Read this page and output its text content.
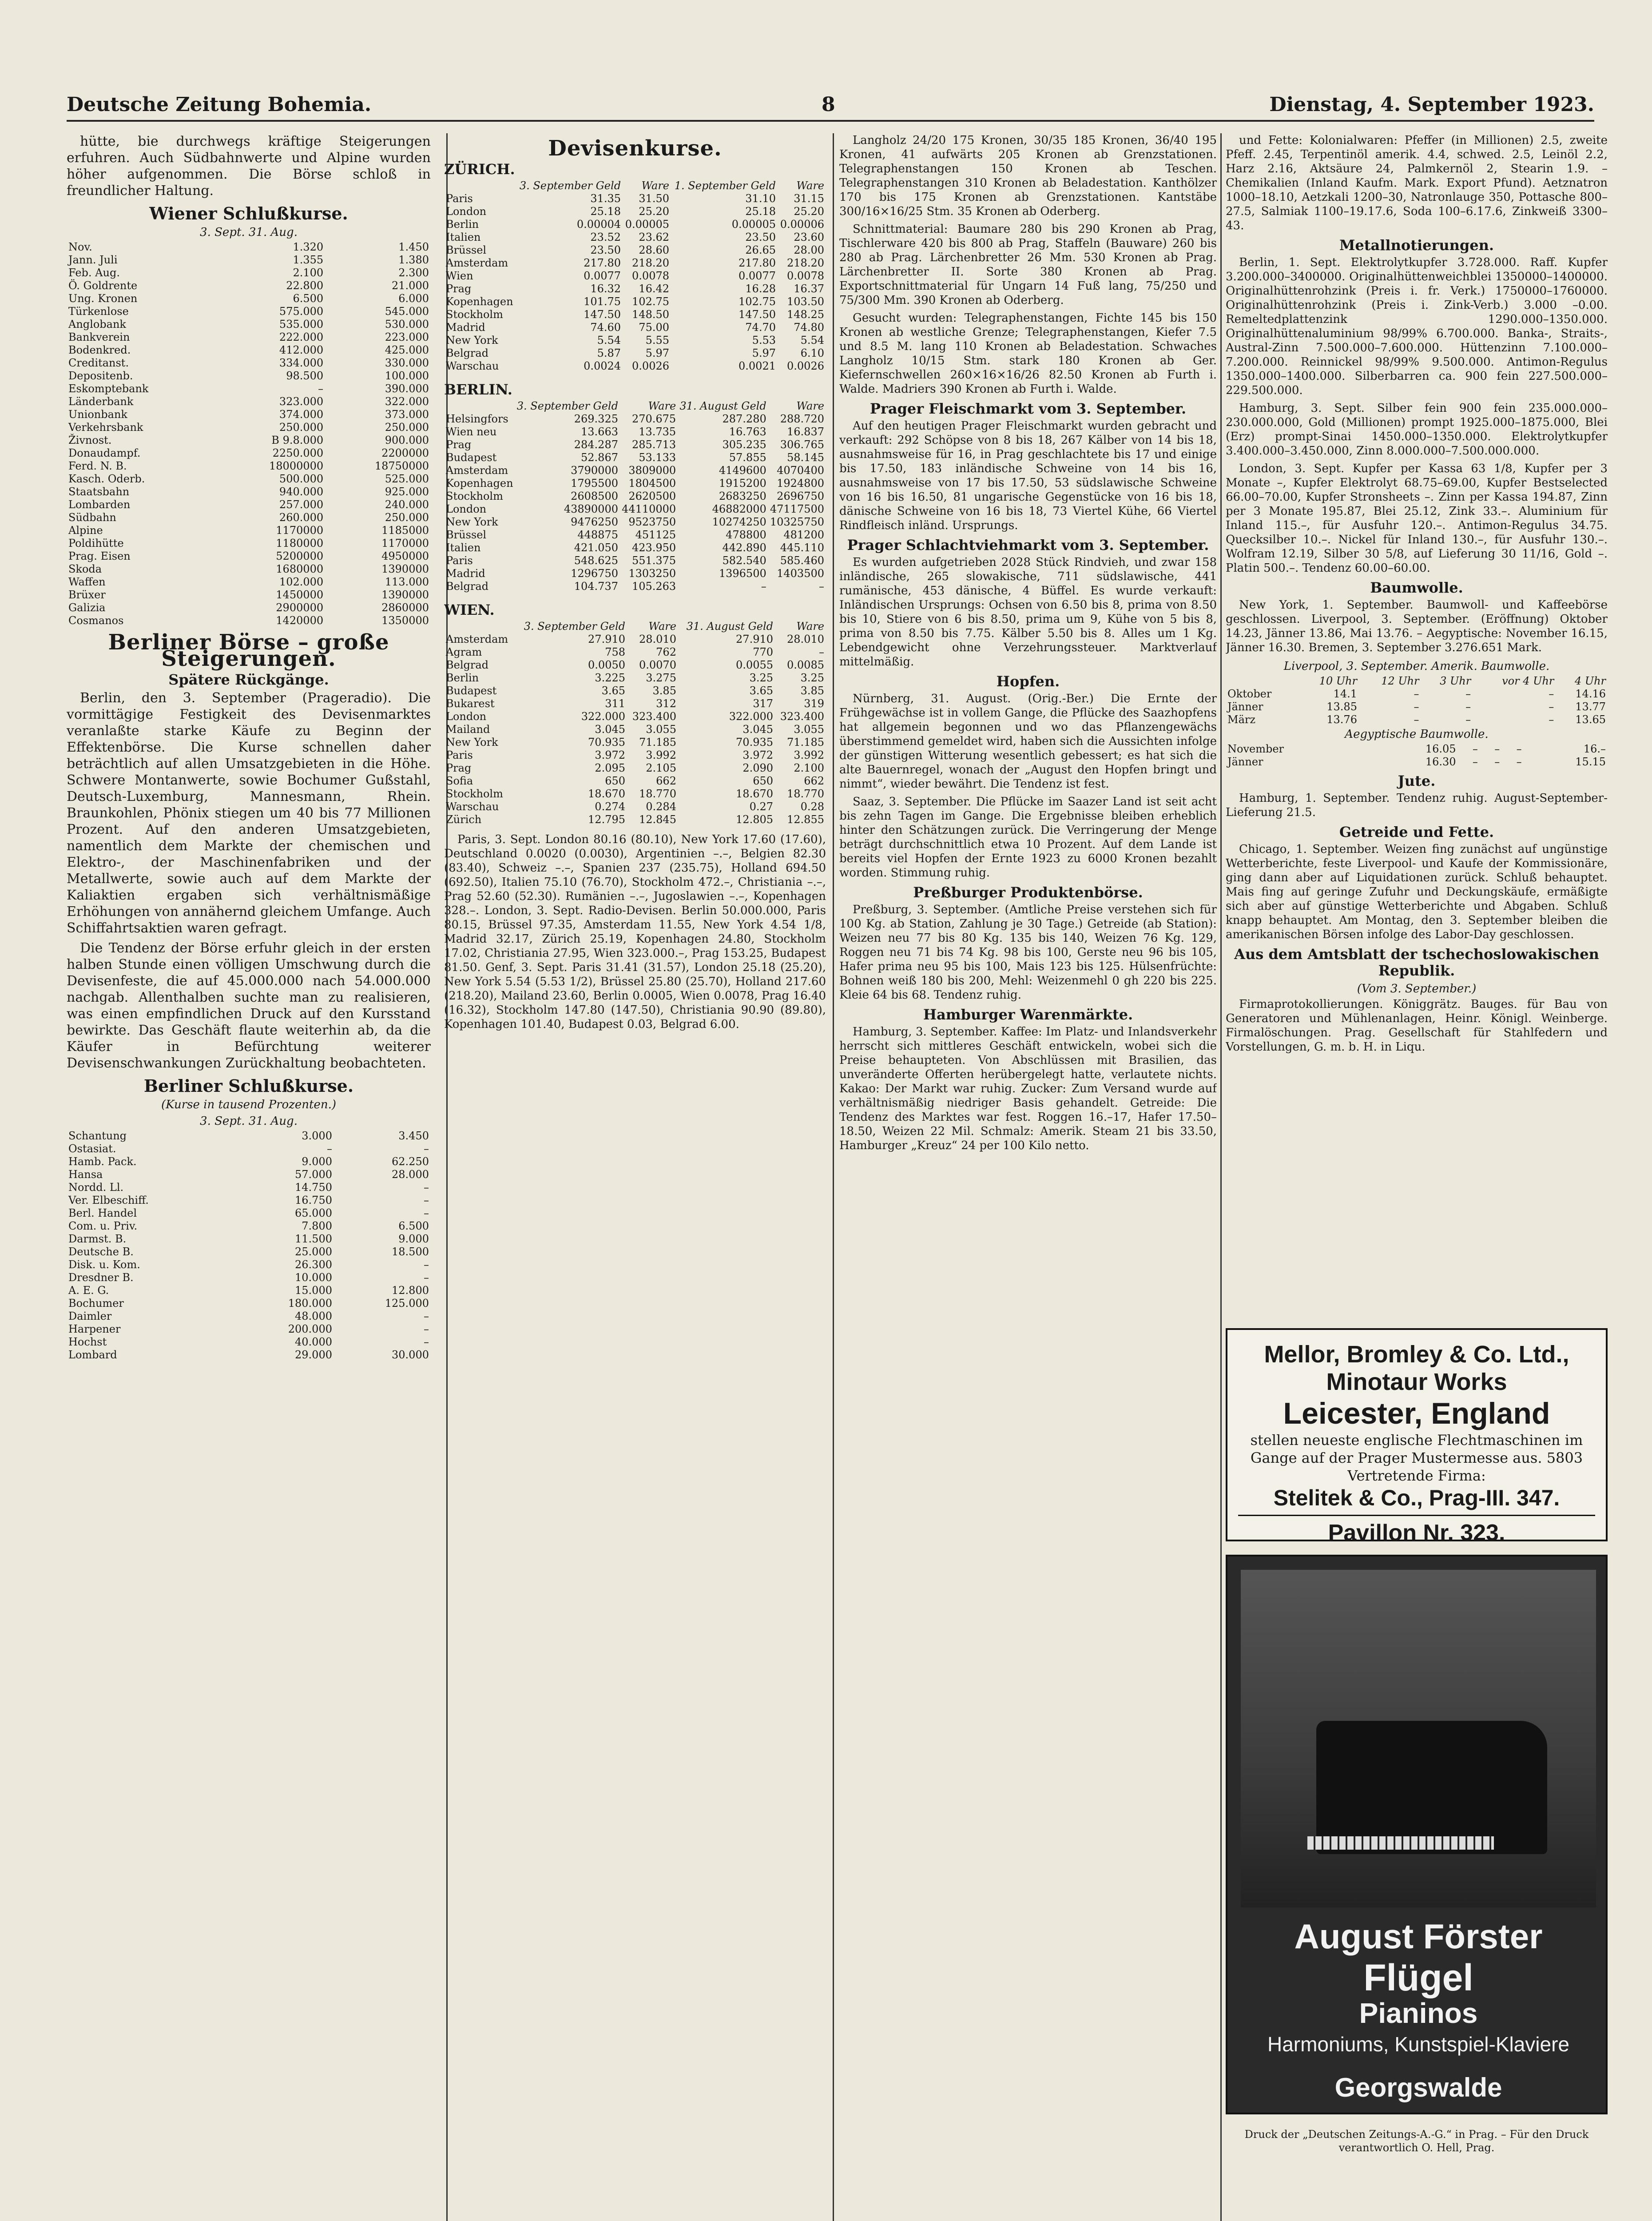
Deutsche Zeitung Bohemia.	8	Dienstag, 4. September 1923.

hütte, bie durchwegs kräftige Steigerungen erfuhren. Auch Südbahnwerte und Alpine wurden höher aufgenommen. Die Börse schloß in freundlicher Haltung.

Wiener Schlußkurse.
3. Sept. 31. Aug.
Nov.	1.320	1.450
Jann. Juli	1.355	1.380
Feb. Aug.	2.100	2.300
Ö. Goldrente	22.800	21.000
Ung. Kronen	6.500	6.000
Türkenlose	575.000	545.000
Anglobank	535.000	530.000
Bankverein	222.000	223.000
Bodenkred.	412.000	425.000
Creditanst.	334.000	330.000
Depositenb.	98.500	100.000
Eskomptebank	–	390.000
Länderbank	323.000	322.000
Unionbank	374.000	373.000
Verkehrsbank	250.000	250.000
Živnost.	B 9.8.000	900.000
Donaudampf.	2250.000	2200000
Ferd. N. B.	18000000	18750000
Kasch. Oderb.	500.000	525.000
Staatsbahn	940.000	925.000
Lombarden	257.000	240.000
Südbahn	260.000	250.000
Alpine	1170000	1185000
Poldihütte	1180000	1170000
Prag. Eisen	5200000	4950000
Skoda	1680000	1390000
Waffen	102.000	113.000
Brüxer	1450000	1390000
Galizia	2900000	2860000
Cosmanos	1420000	1350000
Berliner Börse – große Steigerungen.
Spätere Rückgänge.

Berlin, den 3. September (Prageradio). Die vormittägige Festigkeit des Devisenmarktes veranlaßte starke Käufe zu Beginn der Effektenbörse. Die Kurse schnellen daher beträchtlich auf allen Umsatzgebieten in die Höhe. Schwere Montanwerte, sowie Bochumer Gußstahl, Deutsch-Luxemburg, Mannesmann, Rhein. Braunkohlen, Phönix stiegen um 40 bis 77 Millionen Prozent. Auf den anderen Umsatzgebieten, namentlich dem Markte der chemischen und Elektro-, der Maschinenfabriken und der Metallwerte, sowie auch auf dem Markte der Kaliaktien ergaben sich verhältnismäßige Erhöhungen von annähernd gleichem Umfange. Auch Schiffahrtsaktien waren gefragt.

Die Tendenz der Börse erfuhr gleich in der ersten halben Stunde einen völligen Umschwung durch die Devisenfeste, die auf 45.000.000 nach 54.000.000 nachgab. Allenthalben suchte man zu realisieren, was einen empfindlichen Druck auf den Kursstand bewirkte. Das Geschäft flaute weiterhin ab, da die Käufer in Befürchtung weiterer Devisenschwankungen Zurückhaltung beobachteten.

Berliner Schlußkurse.
(Kurse in tausend Prozenten.)
3. Sept. 31. Aug.
Schantung	3.000	3.450
Ostasiat.	–	–
Hamb. Pack.	9.000	62.250
Hansa	57.000	28.000
Nordd. Ll.	14.750	–
Ver. Elbeschiff.	16.750	–
Berl. Handel	65.000	–
Com. u. Priv.	7.800	6.500
Darmst. B.	11.500	9.000
Deutsche B.	25.000	18.500
Disk. u. Kom.	26.300	–
Dresdner B.	10.000	–
A. E. G.	15.000	12.800
Bochumer	180.000	125.000
Daimler	48.000	–
Harpener	200.000	–
Hochst	40.000	–
Lombard	29.000	30.000
Devisenkurse.
ZÜRICH.
	3. September Geld	Ware	1. September Geld	Ware
Paris	31.35	31.50	31.10	31.15
London	25.18	25.20	25.18	25.20
Berlin	0.00004	0.00005	0.00005	0.00006
Italien	23.52	23.62	23.50	23.60
Brüssel	23.50	28.60	26.65	28.00
Amsterdam	217.80	218.20	217.80	218.20
Wien	0.0077	0.0078	0.0077	0.0078
Prag	16.32	16.42	16.28	16.37
Kopenhagen	101.75	102.75	102.75	103.50
Stockholm	147.50	148.50	147.50	148.25
Madrid	74.60	75.00	74.70	74.80
New York	5.54	5.55	5.53	5.54
Belgrad	5.87	5.97	5.97	6.10
Warschau	0.0024	0.0026	0.0021	0.0026
BERLIN.
	3. September Geld	Ware	31. August Geld	Ware
Helsingfors	269.325	270.675	287.280	288.720
Wien neu	13.663	13.735	16.763	16.837
Prag	284.287	285.713	305.235	306.765
Budapest	52.867	53.133	57.855	58.145
Amsterdam	3790000	3809000	4149600	4070400
Kopenhagen	1795500	1804500	1915200	1924800
Stockholm	2608500	2620500	2683250	2696750
London	43890000	44110000	46882000	47117500
New York	9476250	9523750	10274250	10325750
Brüssel	448875	451125	478800	481200
Italien	421.050	423.950	442.890	445.110
Paris	548.625	551.375	582.540	585.460
Madrid	1296750	1303250	1396500	1403500
Belgrad	104.737	105.263	–	–
WIEN.
	3. September Geld	Ware	31. August Geld	Ware
Amsterdam	27.910	28.010	27.910	28.010
Agram	758	762	770	–
Belgrad	0.0050	0.0070	0.0055	0.0085
Berlin	3.225	3.275	3.25	3.25
Budapest	3.65	3.85	3.65	3.85
Bukarest	311	312	317	319
London	322.000	323.400	322.000	323.400
Mailand	3.045	3.055	3.045	3.055
New York	70.935	71.185	70.935	71.185
Paris	3.972	3.992	3.972	3.992
Prag	2.095	2.105	2.090	2.100
Sofia	650	662	650	662
Stockholm	18.670	18.770	18.670	18.770
Warschau	0.274	0.284	0.27	0.28
Zürich	12.795	12.845	12.805	12.855

Paris, 3. Sept. London 80.16 (80.10), New York 17.60 (17.60), Deutschland 0.0020 (0.0030), Argentinien –.–, Belgien 82.30 (83.40), Schweiz –.–, Spanien 237 (235.75), Holland 694.50 (692.50), Italien 75.10 (76.70), Stockholm 472.–, Christiania –.–, Prag 52.60 (52.30). Rumänien –.–, Jugoslawien –.–, Kopenhagen 328.–. London, 3. Sept. Radio-Devisen. Berlin 50.000.000, Paris 80.15, Brüssel 97.35, Amsterdam 11.55, New York 4.54 1/8, Madrid 32.17, Zürich 25.19, Kopenhagen 24.80, Stockholm 17.02, Christiania 27.95, Wien 323.000.–, Prag 153.25, Budapest 81.50. Genf, 3. Sept. Paris 31.41 (31.57), London 25.18 (25.20), New York 5.54 (5.53 1/2), Brüssel 25.80 (25.70), Holland 217.60 (218.20), Mailand 23.60, Berlin 0.0005, Wien 0.0078, Prag 16.40 (16.32), Stockholm 147.80 (147.50), Christiania 90.90 (89.80), Kopenhagen 101.40, Budapest 0.03, Belgrad 6.00.

Langholz 24/20 175 Kronen, 30/35 185 Kronen, 36/40 195 Kronen, 41 aufwärts 205 Kronen ab Grenzstationen. Telegraphenstangen 150 Kronen ab Teschen. Telegraphenstangen 310 Kronen ab Beladestation. Kanthölzer 170 bis 175 Kronen ab Grenzstationen. Kantstäbe 300/16×16/25 Stm. 35 Kronen ab Oderberg.

Schnittmaterial: Baumare 280 bis 290 Kronen ab Prag, Tischlerware 420 bis 800 ab Prag, Staffeln (Bauware) 260 bis 280 ab Prag. Lärchenbretter 26 Mm. 530 Kronen ab Prag. Lärchenbretter II. Sorte 380 Kronen ab Prag. Exportschnittmaterial für Ungarn 14 Fuß lang, 75/250 und 75/300 Mm. 390 Kronen ab Oderberg.

Gesucht wurden: Telegraphenstangen, Fichte 145 bis 150 Kronen ab westliche Grenze; Telegraphenstangen, Kiefer 7.5 und 8.5 M. lang 110 Kronen ab Beladestation. Schwaches Langholz 10/15 Stm. stark 180 Kronen ab Ger. Kiefernschwellen 260×16×16/26 82.50 Kronen ab Furth i. Walde. Madriers 390 Kronen ab Furth i. Walde.

Prager Fleischmarkt vom 3. September.

Auf den heutigen Prager Fleischmarkt wurden gebracht und verkauft: 292 Schöpse von 8 bis 18, 267 Kälber von 14 bis 18, ausnahmsweise für 16, in Prag geschlachtete bis 17 und einige bis 17.50, 183 inländische Schweine von 14 bis 16, ausnahmsweise von 17 bis 17.50, 53 südslawische Schweine von 16 bis 16.50, 81 ungarische Gegenstücke von 16 bis 18, dänische Schweine von 16 bis 18, 73 Viertel Kühe, 66 Viertel Rindfleisch inländ. Ursprungs.

Prager Schlachtviehmarkt vom 3. September.

Es wurden aufgetrieben 2028 Stück Rindvieh, und zwar 158 inländische, 265 slowakische, 711 südslawische, 441 rumänische, 453 dänische, 4 Büffel. Es wurde verkauft: Inländischen Ursprungs: Ochsen von 6.50 bis 8, prima von 8.50 bis 10, Stiere von 6 bis 8.50, prima um 9, Kühe von 5 bis 8, prima von 8.50 bis 7.75. Kälber 5.50 bis 8. Alles um 1 Kg. Lebendgewicht ohne Verzehrungssteuer. Marktverlauf mittelmäßig.

Hopfen.

Nürnberg, 31. August. (Orig.-Ber.) Die Ernte der Frühgewächse ist in vollem Gange, die Pflücke des Saazhopfens hat allgemein begonnen und wo das Pflanzengewächs überstimmend gemeldet wird, haben sich die Aussichten infolge der günstigen Witterung wesentlich gebessert; es hat sich die alte Bauernregel, wonach der „August den Hopfen bringt und nimmt“, wieder bewährt. Die Tendenz ist fest.

Saaz, 3. September. Die Pflücke im Saazer Land ist seit acht bis zehn Tagen im Gange. Die Ergebnisse bleiben erheblich hinter den Schätzungen zurück. Die Verringerung der Menge beträgt durchschnittlich etwa 10 Prozent. Auf dem Lande ist bereits viel Hopfen der Ernte 1923 zu 6000 Kronen bezahlt worden. Stimmung ruhig.

Preßburger Produktenbörse.

Preßburg, 3. September. (Amtliche Preise verstehen sich für 100 Kg. ab Station, Zahlung je 30 Tage.) Getreide (ab Station): Weizen neu 77 bis 80 Kg. 135 bis 140, Weizen 76 Kg. 129, Roggen neu 71 bis 74 Kg. 98 bis 100, Gerste neu 96 bis 105, Hafer prima neu 95 bis 100, Mais 123 bis 125. Hülsenfrüchte: Bohnen weiß 180 bis 200, Mehl: Weizenmehl 0 gh 220 bis 225. Kleie 64 bis 68. Tendenz ruhig.

Hamburger Warenmärkte.

Hamburg, 3. September. Kaffee: Im Platz- und Inlandsverkehr herrscht sich mittleres Geschäft entwickeln, wobei sich die Preise behaupteten. Von Abschlüssen mit Brasilien, das unveränderte Offerten herübergelegt hatte, verlautete nichts. Kakao: Der Markt war ruhig. Zucker: Zum Versand wurde auf verhältnismäßig niedriger Basis gehandelt. Getreide: Die Tendenz des Marktes war fest. Roggen 16.–17, Hafer 17.50–18.50, Weizen 22 Mil. Schmalz: Amerik. Steam 21 bis 33.50, Hamburger „Kreuz“ 24 per 100 Kilo netto.

und Fette: Kolonialwaren: Pfeffer (in Millionen) 2.5, zweite Pfeff. 2.45, Terpentinöl amerik. 4.4, schwed. 2.5, Leinöl 2.2, Harz 2.16, Aktsäure 24, Palmkernöl 2, Stearin 1.9. – Chemikalien (Inland Kaufm. Mark. Export Pfund). Aetznatron 1000–18.10, Aetzkali 1200–30, Natronlauge 350, Pottasche 800–27.5, Salmiak 1100–19.17.6, Soda 100–6.17.6, Zinkweiß 3300–43.

Metallnotierungen.

Berlin, 1. Sept. Elektrolytkupfer 3.728.000. Raff. Kupfer 3.200.000–3400000. Originalhüttenweichblei 1350000–1400000. Originalhüttenrohzink (Preis i. fr. Verk.) 1750000–1760000. Originalhüttenrohzink (Preis i. Zink-Verb.) 3.000 –0.00. Remeltedplattenzink 1290.000–1350.000. Originalhüttenaluminium 98/99% 6.700.000. Banka-, Straits-, Austral-Zinn 7.500.000–7.600.000. Hüttenzinn 7.100.000–7.200.000. Reinnickel 98/99% 9.500.000. Antimon-Regulus 1350.000–1400.000. Silberbarren ca. 900 fein 227.500.000–229.500.000.

Hamburg, 3. Sept. Silber fein 900 fein 235.000.000–230.000.000, Gold (Millionen) prompt 1925.000–1875.000, Blei (Erz) prompt-Sinai 1450.000–1350.000. Elektrolytkupfer 3.400.000–3.450.000, Zinn 8.000.000–7.500.000.000.

London, 3. Sept. Kupfer per Kassa 63 1/8, Kupfer per 3 Monate –, Kupfer Elektrolyt 68.75–69.00, Kupfer Bestselected 66.00–70.00, Kupfer Stronsheets –. Zinn per Kassa 194.87, Zinn per 3 Monate 195.87, Blei 25.12, Zink 33.–. Aluminium für Inland 115.–, für Ausfuhr 120.–. Antimon-Regulus 34.75. Quecksilber 10.–. Nickel für Inland 130.–, für Ausfuhr 130.–. Wolfram 12.19, Silber 30 5/8, auf Lieferung 30 11/16, Gold –. Platin 500.–. Tendenz 60.00–60.00.

Baumwolle.

New York, 1. September. Baumwoll- und Kaffeebörse geschlossen. Liverpool, 3. September. (Eröffnung) Oktober 14.23, Jänner 13.86, Mai 13.76. – Aegyptische: November 16.15, Jänner 16.30. Bremen, 3. September 3.276.651 Mark.

Liverpool, 3. September. Amerik. Baumwolle.
	10 Uhr	12 Uhr	3 Uhr	vor 4 Uhr	4 Uhr
Oktober	14.1	–	–	–	14.16
Jänner	13.85	–	–	–	13.77
März	13.76	–	–	–	13.65
Aegyptische Baumwolle.
November	16.05	–	–	–	16.–
Jänner	16.30	–	–	–	15.15
Jute.

Hamburg, 1. September. Tendenz ruhig. August-September-Lieferung 21.5.

Getreide und Fette.

Chicago, 1. September. Weizen fing zunächst auf ungünstige Wetterberichte, feste Liverpool- und Kaufe der Kommissionäre, ging dann aber auf Liquidationen zurück. Schluß behauptet. Mais fing auf geringe Zufuhr und Deckungskäufe, ermäßigte sich aber auf günstige Wetterberichte und Abgaben. Schluß knapp behauptet. Am Montag, den 3. September bleiben die amerikanischen Börsen infolge des Labor-Day geschlossen.

Aus dem Amtsblatt der tschechoslowakischen Republik.
(Vom 3. September.)

Firmaprotokollierungen. Königgrätz. Bauges. für Bau von Generatoren und Mühlenanlagen, Heinr. Königl. Weinberge. Firmalöschungen. Prag. Gesellschaft für Stahlfedern und Vorstellungen, G. m. b. H. in Liqu.

Mellor, Bromley & Co. Ltd., Minotaur Works
Leicester, England
stellen neueste englische Flechtmaschinen im Gange auf der Prager Mustermesse aus. 5803
Vertretende Firma:
Stelitek & Co., Prag-III. 347.
Pavillon Nr. 323.
August Förster
Flügel
Pianinos
Harmoniums, Kunstspiel-Klaviere
Georgswalde
Druck der „Deutschen Zeitungs-A.-G.“ in Prag. – Für den Druck verantwortlich O. Hell, Prag.
